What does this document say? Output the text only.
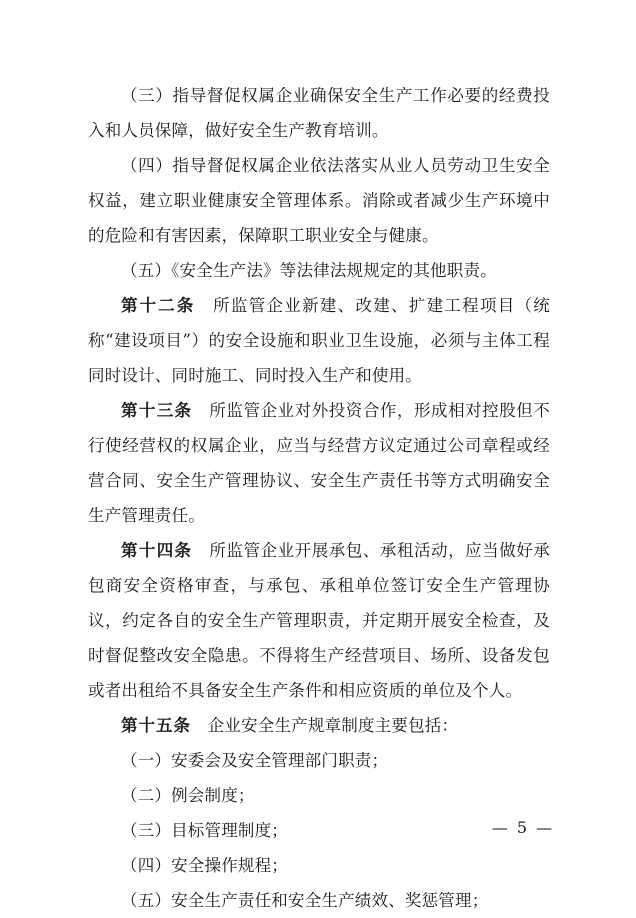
（三）指导督促权属企业确保安全生产工作必要的经费投入和人员保障，做好安全生产教育培训。

（四）指导督促权属企业依法落实从业人员劳动卫生安全权益，建立职业健康安全管理体系。消除或者减少生产环境中的危险和有害因素，保障职工职业安全与健康。

（五）《安全生产法》等法律法规规定的其他职责。

第十二条　所监管企业新建、改建、扩建工程项目（统称“建设项目”）的安全设施和职业卫生设施，必须与主体工程同时设计、同时施工、同时投入生产和使用。

第十三条　所监管企业对外投资合作，形成相对控股但不行使经营权的权属企业，应当与经营方议定通过公司章程或经营合同、安全生产管理协议、安全生产责任书等方式明确安全生产管理责任。

第十四条　所监管企业开展承包、承租活动，应当做好承包商安全资格审查，与承包、承租单位签订安全生产管理协议，约定各自的安全生产管理职责，并定期开展安全检查，及时督促整改安全隐患。不得将生产经营项目、场所、设备发包或者出租给不具备安全生产条件和相应资质的单位及个人。

第十五条　企业安全生产规章制度主要包括：

（一）安委会及安全管理部门职责；

（二）例会制度；

（三）目标管理制度；

（四）安全操作规程；

（五）安全生产责任和安全生产绩效、奖惩管理；

— 5 —
